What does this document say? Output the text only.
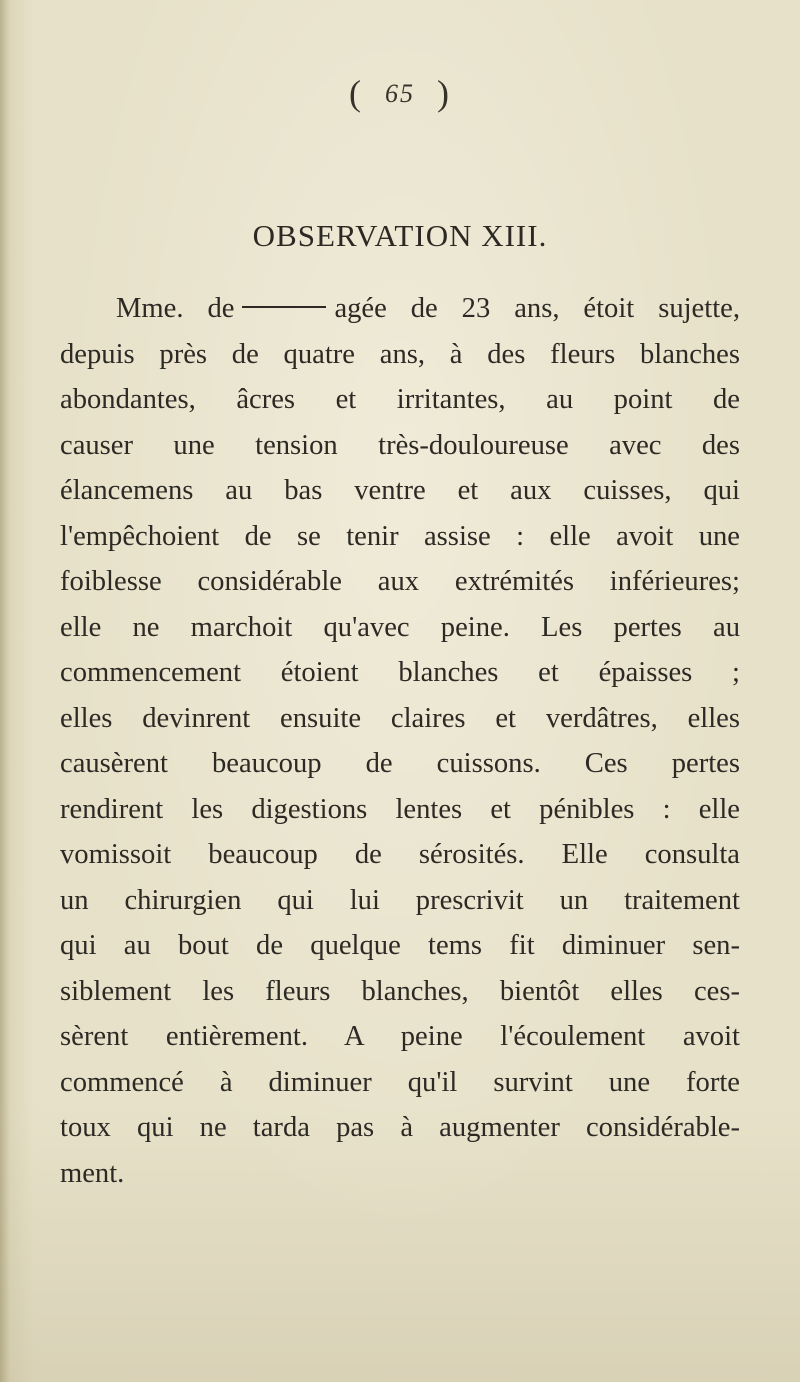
( 65 )
OBSERVATION XIII.
Mme. de	agée de 23 ans, étoit sujette,
depuis près de quatre ans, à des fleurs blanches
abondantes, âcres et irritantes, au point de
causer une tension très-douloureuse avec des
élancemens au bas ventre et aux cuisses, qui
l'empêchoient de se tenir assise : elle avoit une
foiblesse considérable aux extrémités inférieures;
elle ne marchoit qu'avec peine. Les pertes au
commencement étoient blanches et épaisses ;
elles devinrent ensuite claires et verdâtres, elles
causèrent beaucoup de cuissons. Ces pertes
rendirent les digestions lentes et pénibles : elle
vomissoit beaucoup de sérosités. Elle consulta
un chirurgien qui lui prescrivit un traitement
qui au bout de quelque tems fit diminuer sen-
siblement les fleurs blanches, bientôt elles ces-
sèrent entièrement. A peine l'écoulement avoit
commencé à diminuer qu'il survint une forte
toux qui ne tarda pas à augmenter considérable-
ment.
